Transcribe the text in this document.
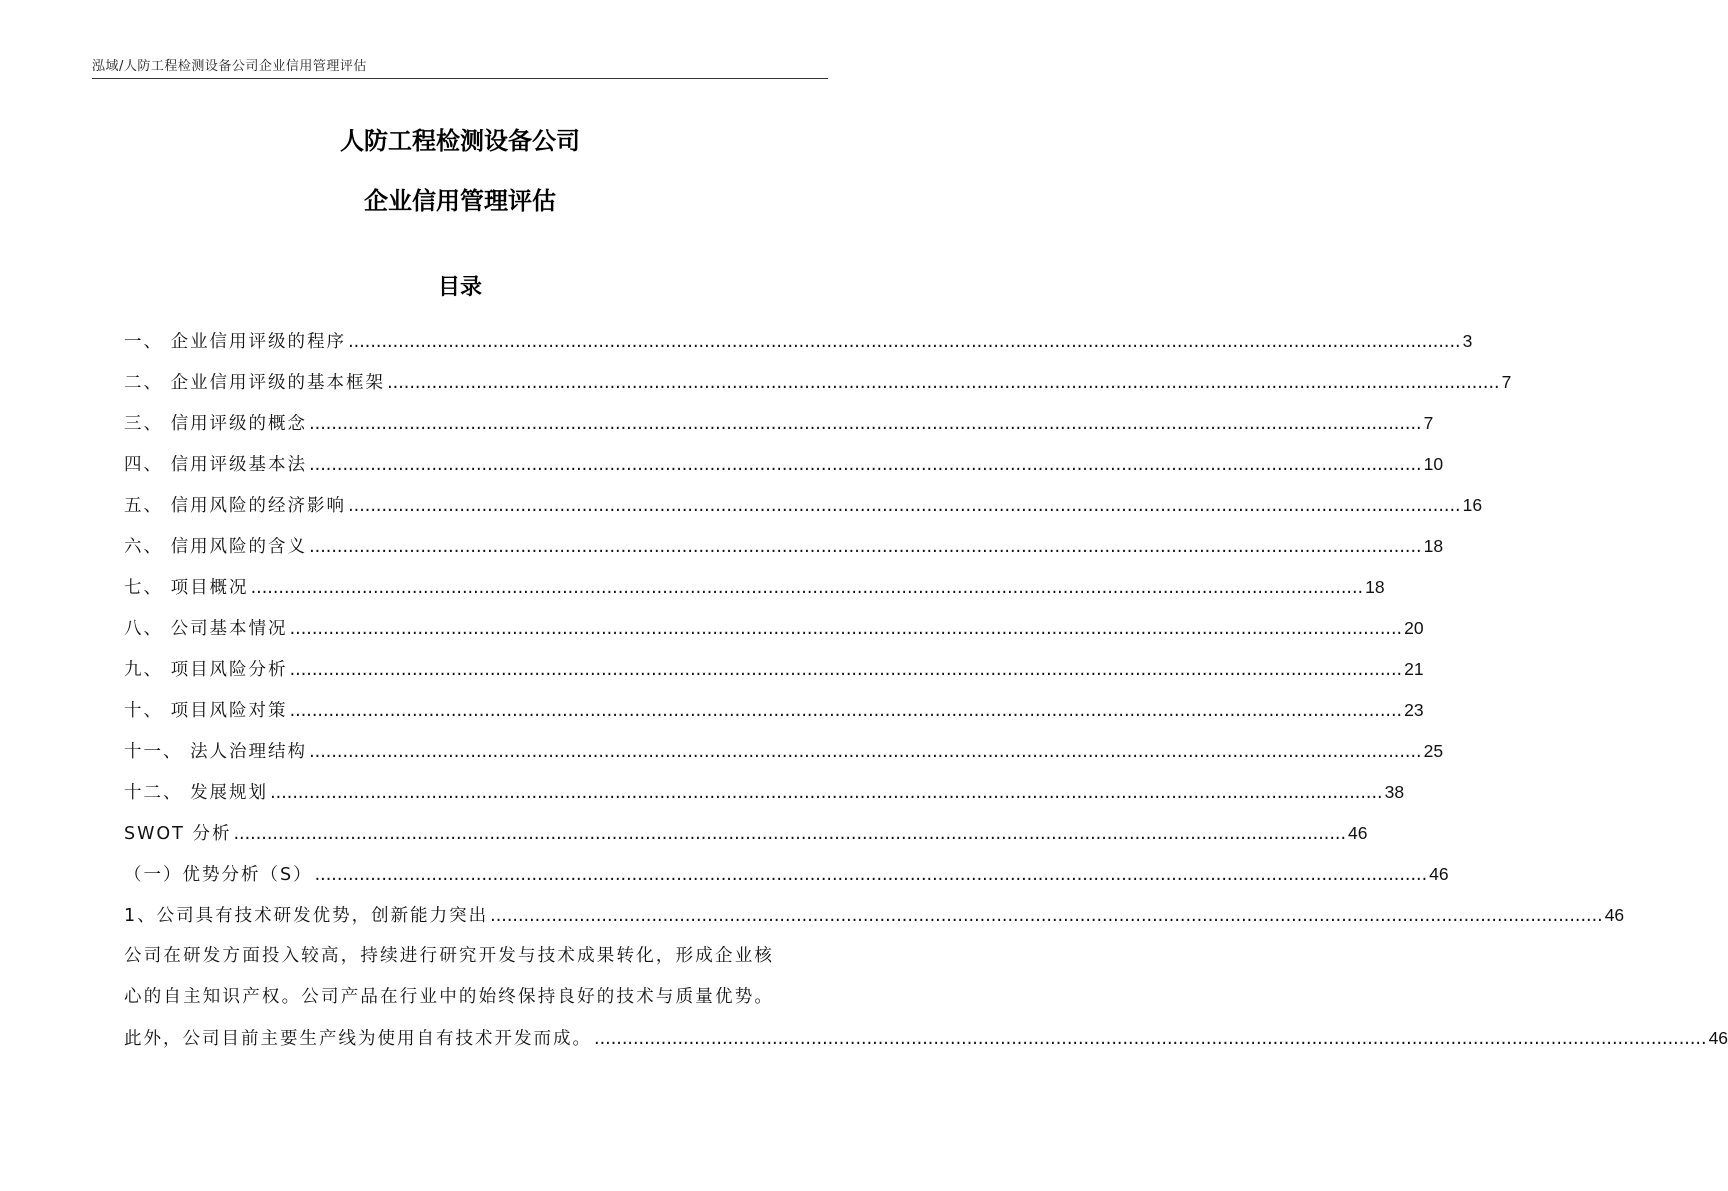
泓域/人防工程检测设备公司企业信用管理评估
人防工程检测设备公司
企业信用管理评估
目录
一、 企业信用评级的程序 ........................................................................................................................................................................................................ 3
二、 企业信用评级的基本框架 ........................................................................................................................................................................................................ 7
三、 信用评级的概念 ........................................................................................................................................................................................................ 7
四、 信用评级基本法 ........................................................................................................................................................................................................ 10
五、 信用风险的经济影响 ........................................................................................................................................................................................................ 16
六、 信用风险的含义 ........................................................................................................................................................................................................ 18
七、 项目概况 ........................................................................................................................................................................................................ 18
八、 公司基本情况 ........................................................................................................................................................................................................ 20
九、 项目风险分析 ........................................................................................................................................................................................................ 21
十、 项目风险对策 ........................................................................................................................................................................................................ 23
十一、 法人治理结构 ........................................................................................................................................................................................................ 25
十二、 发展规划 ........................................................................................................................................................................................................ 38
SWOT 分析 ........................................................................................................................................................................................................ 46
（一）优势分析（S） ........................................................................................................................................................................................................ 46
1、公司具有技术研发优势，创新能力突出 ........................................................................................................................................................................................................ 46
公司在研发方面投入较高，持续进行研究开发与技术成果转化，形成企业核
心的自主知识产权。公司产品在行业中的始终保持良好的技术与质量优势。
此外，公司目前主要生产线为使用自有技术开发而成。 ........................................................................................................................................................................................................ 46
